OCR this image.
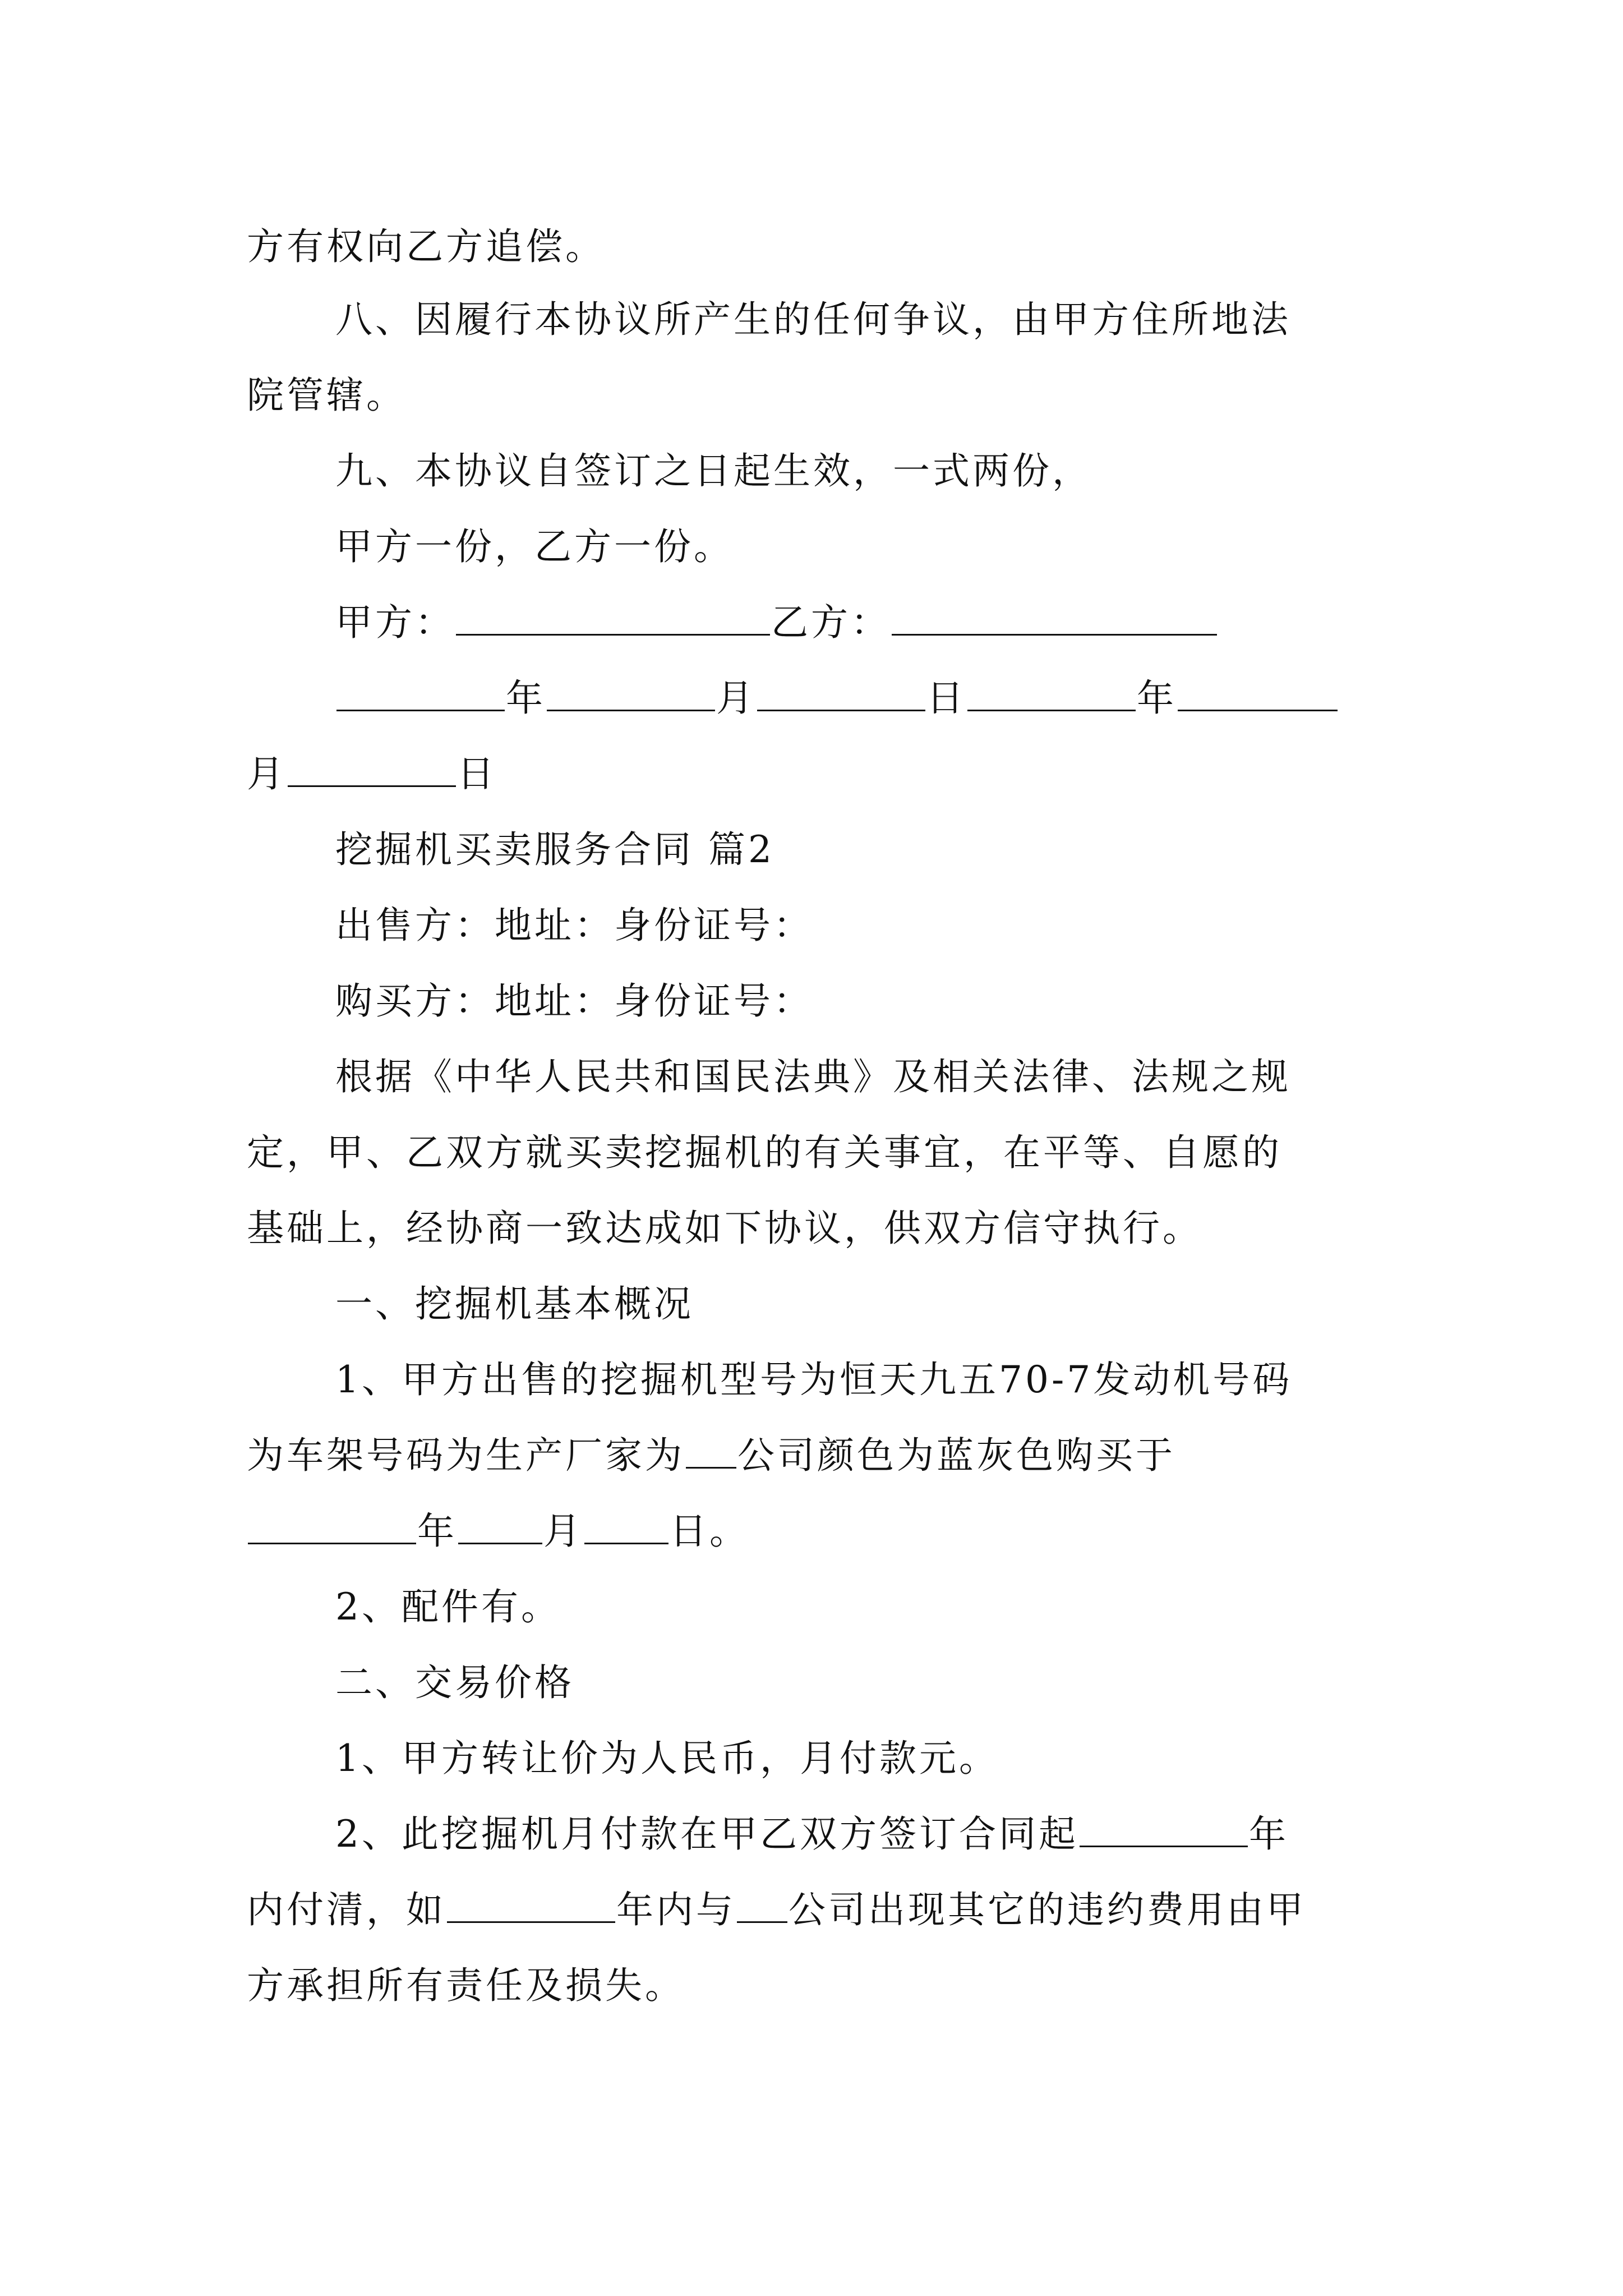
方有权向乙方追偿。
八、因履行本协议所产生的任何争议，由甲方住所地法
院管辖。
九、本协议自签订之日起生效，一式两份，
甲方一份，乙方一份。
甲方：	乙方：
年	月	日	年
月	日
挖掘机买卖服务合同 篇2
出售方：地址：身份证号：
购买方：地址：身份证号：
根据《中华人民共和国民法典》及相关法律、法规之规
定，甲、乙双方就买卖挖掘机的有关事宜，在平等、自愿的
基础上，经协商一致达成如下协议，供双方信守执行。
一、挖掘机基本概况
1、甲方出售的挖掘机型号为恒天九五70-7发动机号码
为车架号码为生产厂家为 公司颜色为蓝灰色购买于
年 月 日。
2、配件有。
二、交易价格
1、甲方转让价为人民币，月付款元。
2、此挖掘机月付款在甲乙双方签订合同起	年
内付清，如	年内与 公司出现其它的违约费用由甲
方承担所有责任及损失。
